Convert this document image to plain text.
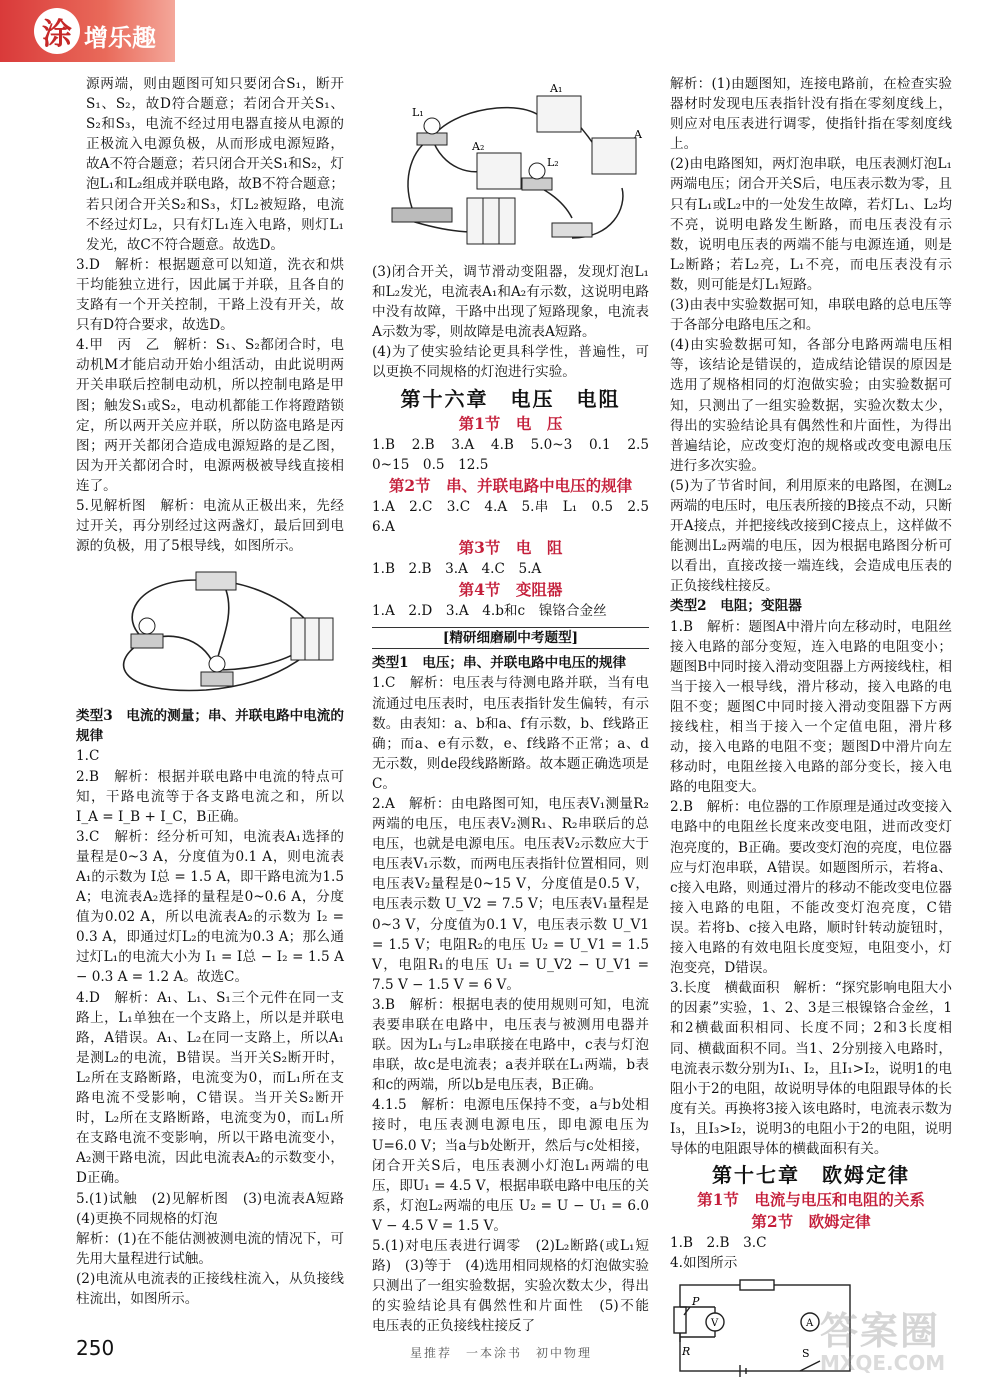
涂 增乐趣

源两端，则由题图可知只要闭合S₁，断开S₁、S₂，故D符合题意；若闭合开关S₁、S₂和S₃，电流不经过用电器直接从电源的正极流入电源负极，从而形成电源短路，故A不符合题意；若只闭合开关S₁和S₂，灯泡L₁和L₂组成并联电路，故B不符合题意；若只闭合开关S₂和S₃，灯L₂被短路，电流不经过灯L₂，只有灯L₁连入电路，则灯L₁发光，故C不符合题意。故选D。

3.D　解析：根据题意可以知道，洗衣和烘干均能独立进行，因此属于并联，且各自的支路有一个开关控制，干路上没有开关，故只有D符合要求，故选D。

4.甲　丙　乙　解析：S₁、S₂都闭合时，电动机M才能启动开始小组活动，由此说明两开关串联后控制电动机，所以控制电路是甲图；触发S₁或S₂，电动机都能工作将蹬踏锁定，所以两开关应并联，所以防盗电路是丙图；两开关都闭合造成电源短路的是乙图，因为开关都闭合时，电源两极被导线直接相连了。

5.见解析图　解析：电流从正极出来，先经过开关，再分别经过这两盏灯，最后回到电源的负极，用了5根导线，如图所示。

类型3　电流的测量；串、并联电路中电流的规律

1.C

2.B　解析：根据并联电路中电流的特点可知，干路电流等于各支路电流之和，所以 I_A = I_B + I_C，B正确。

3.C　解析：经分析可知，电流表A₁选择的量程是0~3 A，分度值为0.1 A，则电流表A₁的示数为 I总 = 1.5 A，即干路电流为1.5 A；电流表A₂选择的量程是0~0.6 A，分度值为0.02 A，所以电流表A₂的示数为 I₂ = 0.3 A，即通过灯L₂的电流为0.3 A；那么通过灯L₁的电流大小为 I₁ = I总 − I₂ = 1.5 A − 0.3 A = 1.2 A。故选C。

4.D　解析：A₁、L₁、S₁三个元件在同一支路上，L₁单独在一个支路上，所以是并联电路，A错误。A₁、L₂在同一支路上，所以A₁是测L₂的电流，B错误。当开关S₂断开时，L₂所在支路断路，电流变为0，而L₁所在支路电流不受影响，C错误。当开关S₂断开时，L₂所在支路断路，电流变为0，而L₁所在支路电流不变影响，所以干路电流变小，A₂测干路电流，因此电流表A₂的示数变小，D正确。

5.(1)试触　(2)见解析图　(3)电流表A短路　(4)更换不同规格的灯泡

解析：(1)在不能估测被测电流的情况下，可先用大量程进行试触。

(2)电流从电流表的正接线柱流入，从负接线柱流出，如图所示。

A₁
L₁
A₂
L₂
A

(3)闭合开关，调节滑动变阻器，发现灯泡L₁和L₂发光，电流表A₁和A₂有示数，这说明电路中没有故障，干路中出现了短路现象，电流表A示数为零，则故障是电流表A短路。

(4)为了使实验结论更具科学性，普遍性，可以更换不同规格的灯泡进行实验。

第十六章　电压　电阻
第1节　电　压

1.B　2.B　3.A　4.B　5.0~3　0.1　2.5　0~15　0.5　12.5

第2节　串、并联电路中电压的规律

1.A　2.C　3.C　4.A　5.串　L₁　0.5　2.5　6.A

第3节　电　阻

1.B　2.B　3.A　4.C　5.A

第4节　变阻器

1.A　2.D　3.A　4.b和c　镍铬合金丝

[精研细磨刷中考题型]

类型1　电压；串、并联电路中电压的规律

1.C　解析：电压表与待测电路并联，当有电流通过电压表时，电压表指针发生偏转，有示数。由表知：a、b和a、f有示数，b、f线路正确；而a、e有示数，e、f线路不正常；a、d无示数，则de段线路断路。故本题正确选项是C。

2.A　解析：由电路图可知，电压表V₁测量R₂两端的电压，电压表V₂测R₁、R₂串联后的总电压，也就是电源电压。电压表V₂示数应大于电压表V₁示数，而两电压表指针位置相同，则电压表V₂量程是0~15 V，分度值是0.5 V，电压表示数 U_V2 = 7.5 V；电压表V₁量程是0~3 V，分度值为0.1 V，电压表示数 U_V1 = 1.5 V；电阻R₂的电压 U₂ = U_V1 = 1.5 V，电阻R₁的电压 U₁ = U_V2 − U_V1 = 7.5 V − 1.5 V = 6 V。

3.B　解析：根据电表的使用规则可知，电流表要串联在电路中，电压表与被测用电器并联。因为L₁与L₂串联接在电路中，c表与灯泡串联，故c是电流表；a表并联在L₁两端，b表和c的两端，所以b是电压表，B正确。

4.1.5　解析：电源电压保持不变，a与b处相接时，电压表测电源电压，即电源电压为U=6.0 V；当a与b处断开，然后与c处相接，闭合开关S后，电压表测小灯泡L₁两端的电压，即U₁ = 4.5 V，根据串联电路中电压的关系，灯泡L₂两端的电压 U₂ = U − U₁ = 6.0 V − 4.5 V = 1.5 V。

5.(1)对电压表进行调零　(2)L₂断路(或L₁短路)　(3)等于　(4)选用相同规格的灯泡做实验　只测出了一组实验数据，实验次数太少，得出的实验结论具有偶然性和片面性　(5)不能　电压表的正负接线柱接反了

解析：(1)由题图知，连接电路前，在检查实验器材时发现电压表指针没有指在零刻度线上，则应对电压表进行调零，使指针指在零刻度线上。

(2)由电路图知，两灯泡串联，电压表测灯泡L₁两端电压；闭合开关S后，电压表示数为零，且只有L₁或L₂中的一处发生故障，若灯L₁、L₂均不亮，说明电路发生断路，而电压表没有示数，说明电压表的两端不能与电源连通，则是L₂断路；若L₂亮，L₁不亮，而电压表没有示数，则可能是灯L₁短路。

(3)由表中实验数据可知，串联电路的总电压等于各部分电路电压之和。

(4)由实验数据可知，各部分电路两端电压相等，该结论是错误的，造成结论错误的原因是选用了规格相同的灯泡做实验；由实验数据可知，只测出了一组实验数据，实验次数太少，得出的实验结论具有偶然性和片面性，为得出普遍结论，应改变灯泡的规格或改变电源电压进行多次实验。

(5)为了节省时间，利用原来的电路图，在测L₂两端的电压时，电压表所接的B接点不动，只断开A接点，并把接线改接到C接点上，这样做不能测出L₂两端的电压，因为根据电路图分析可以看出，直接改接一端连线，会造成电压表的正负接线柱接反。

类型2　电阻；变阻器

1.B　解析：题图A中滑片向左移动时，电阻丝接入电路的部分变短，连入电路的电阻变小；题图B中同时接入滑动变阻器上方两接线柱，相当于接入一根导线，滑片移动，接入电路的电阻不变；题图C中同时接入滑动变阻器下方两接线柱，相当于接入一个定值电阻，滑片移动，接入电路的电阻不变；题图D中滑片向左移动时，电阻丝接入电路的部分变长，接入电路的电阻变大。

2.B　解析：电位器的工作原理是通过改变接入电路中的电阻丝长度来改变电阻，进而改变灯泡亮度的，B正确。要改变灯泡的亮度，电位器应与灯泡串联，A错误。如题图所示，若将a、c接入电路，则通过滑片的移动不能改变电位器接入电路的电阻，不能改变灯泡亮度，C错误。若将b、c接入电路，顺时针转动旋钮时，接入电路的有效电阻长度变短，电阻变小，灯泡变亮，D错误。

3.长度　横截面积　解析：“探究影响电阻大小的因素”实验，1、2、3是三根镍铬合金丝，1和2横截面积相同、长度不同；2和3长度相同、横截面积不同。当1、2分别接入电路时，电流表示数分别为I₁、I₂，且I₁>I₂，说明1的电阻小于2的电阻，故说明导体的电阻跟导体的长度有关。再换将3接入该电路时，电流表示数为I₃，且I₃>I₂，说明3的电阻小于2的电阻，说明导体的电阻跟导体的横截面积有关。

第十七章　欧姆定律
第1节　电流与电压和电阻的关系
第2节　欧姆定律

1.B　2.B　3.C

4.如图所示

P
R
V	A
S
250	星推荐　一本涂书　初中物理	答案圈
MXQE.COM
